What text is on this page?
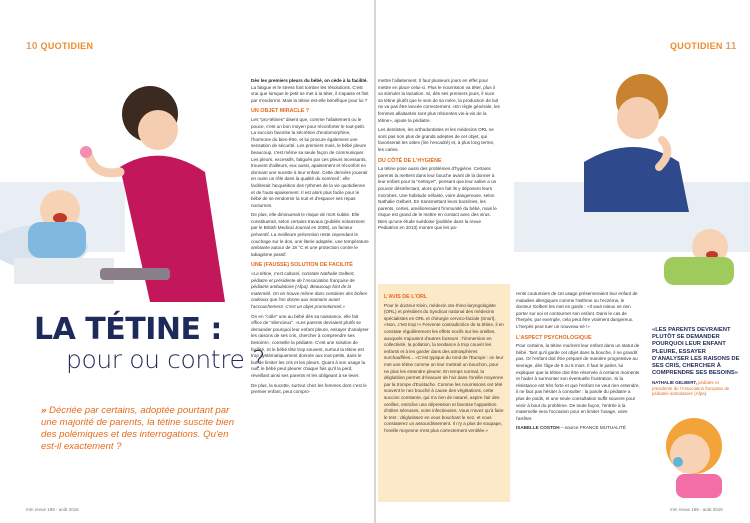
10 QUOTIDIEN	QUOTIDIEN 11
LA TÉTINE :
pour ou contre ?
» Décriée par certains, adoptée pourtant par une majorité de parents, la tétine suscite bien des polémiques et des interrogations. Qu'en est-il exactement ?

Dès les premiers pleurs du bébé, on cède à la facilité. La fatigue et le stress font tomber les résolutions. C'est vrai que lorsque le petit se met à la téter, il s'apaise et finit par s'endormir. Mais la tétine est-elle bénéfique pour lui ?

UN OBJET MIRACLE ?

Les "pro-tétines" disent que, comme l'allaitement ou le pouce, c'est un bon moyen pour réconforter le tout-petit. La succion favorise la sécrétion d'endomorphine, l'hormone du bien-être, et lui procure également une sensation de sécurité. Les premiers mois, le bébé pleure beaucoup, c'est même sa seule façon de communiquer. Les pleurs, excessifs, fatigués par ces pleurs incessants, trouvent d'ailleurs, eux aussi, apaisement et réconfort en donnant une sucette à leur enfant. Cette dernière jouerait en outre un rôle dans la qualité du sommeil : elle faciliterait l'acquisition des rythmes de la vie quotidienne et de l'auto-apaisement. Il est alors plus facile pour le bébé de se rendormir la nuit et d'espacer ses repas nocturnes.

De plus, elle diminuerait le risque de mort subite. Elle constituerait, selon certains travaux (publiés notamment par le British Medical Journal en 2005), un facteur préventif. La meilleure prévention reste cependant le couchage sur le dos, une literie adaptée, une température ambiante autour de 18 °C et une protection contre le tabagisme passif.

UNE (FAUSSE) SOLUTION DE FACILITÉ

«La tétine, c'est culturel, constate Nathalie Gelbert, pédiatre et présidente de l'Association française de pédiatrie ambulatoire (Afpa). Beaucoup font de la maternité. On en trouve même dans certaines des boîtes-cadeaux que l'on donne aux mamans avant l'accouchement. C'est un objet promotionnel.»

On en "colle" une au bébé dès sa naissance, elle fait office de "silencieux". «Les parents devraient plutôt se demander pourquoi leur enfant pleure, essayer d'analyser les raisons de ses cris, chercher à comprendre ses besoins», conseille la pédiatre. C'est une solution de facilité. Si le bébé tête trop souvent, surtout la tétine est trop systématiquement donnée aux tout-petits, dans le but de limiter les cris et les pleurs. Quant à son usage la nuit, le bébé peut pleurer chaque fois qu'il la perd, réveillant ainsi ses parents et les obligeant à se lever.

De plus, la sucette, surtout chez les femmes dont c'est le premier enfant, peut compro-

mettre l'allaitement. Il faut plusieurs jours en effet pour mettre en place celui-ci. Plus le nourrisson va téter, plus il va stimuler la lactation. Si, dès ses premiers jours, il suce sa tétine plutôt que le sein de sa mère, la production de lait ne va pas être lancée correctement. «En règle générale, les femmes allaitantes sont plus réticentes vis-à-vis de la tétine», ajoute la pédiatre.

Les dentistes, les orthodontistes et les médecins ORL ne sont pas non plus de grands adeptes de cet objet, qui favoriserait les otites (lire l'encadré) et, à plus long terme, les caries.

DU CÔTÉ DE L'HYGIÈNE

La tétine pose aussi des problèmes d'hygiène. Certains parents la mettent dans leur bouche avant de la donner à leur enfant pour la "nettoyer", pensant que leur salive a un pouvoir désinfectant, alors qu'en fait ils y déposent leurs microbes. Une habitude néfaste, voire dangereuse, selon Nathalie Gelbert. En transmettant leurs bactéries, les parents, certes, amélioreraient l'immunité du bébé, mais le risque est grand de le mettre en contact avec des virus. Bien qu'une étude suédoise (publiée dans la revue Pediatrics en 2013) montre que les pa-

L'AVIS DE L'ORL

Pour le docteur Klein, médecin oto-rhino-laryngologiste (ORL) et président du Syndicat national des médecins spécialistes en ORL et chirurgie cervico-faciale (Snorl), «Non, c'est trop !» Fervente contradictrice de la tétine, il en constate régulièrement les effets nocifs sur les oreilles, auxquels s'ajoutent d'autres facteurs : l'immersion en collectivité, la pollution, la tendance à trop couvrir les enfants et à les garder dans des atmosphères surchauffées... «C'est typique du rond de l'Europe : on leur met une tétine comme on leur mettrait un bouchon, pour ne plus les entendre pleurer. En temps normal, la déglutition permet d'évacuer de l'air dans l'oreille moyenne par la trompe d'Eustache. Comme les nourrissons ont tété souvent le nez bouché à cause des végétations, cette succion constante, qui n'a rien de naturel, aspire l'air des oreilles, entraîne une dépression et favorise l'apparition d'otites séreuses, voire infectieuses. Vous n'avez qu'à faire le test : déglutissez en vous bouchant le nez, et vous constaterez un assourdissement. Il n'y a plus de soupape, l'oreille moyenne n'est plus correctement ventilée.»

rents coutumiers de cet usage préserveraient leur enfant de maladies allergiques comme l'asthme ou l'eczéma, le docteur Gelbert les met en garde : «Il vaut mieux ne rien porter sur soi et contourner son enfant. Dans le cas de l'herpès, par exemple, cela peut être vraiment dangereux. L'herpès peut tuer un nouveau-né !»

L'ASPECT PSYCHOLOGIQUE

Pour certains, la tétine murirent leur enfant dans un statut de bébé. Tant qu'il garde cet objet dans la bouche, il ne grandit pas. Or l'enfant doit être préparé de manière progressive au sevrage, dès l'âge de 5 ou 6 mois. Il faut le parler, lui expliquer que la tétine doit être réservée à certains moments et l'aider à surmonter son éventuelle frustration. Si la résistance est très forte et que l'enfant ne veut rien entendre, il ne faut pas hésiter à consulter : la parole du pédiatre a plus de poids, et une seule consultation suffit souvent pour venir à bout du problème. De toute façon, l'entrée à la maternelle sera l'occasion pour en limiter l'usage, voire l'arrêter.

ISABELLE COSTOH – source FRANCE MUTUALITÉ

«LES PARENTS DEVRAIENT PLUTÔT SE DEMANDER POURQUOI LEUR ENFANT PLEURE, ESSAYER D'ANALYSER LES RAISONS DE SES CRIS, CHERCHER À COMPRENDRE SES BESOINS»
NATHALIE GELBERT, pédiatre et présidente de l'Association française de pédiatrie ambulatoire (Afpa).
mm revue 189 - août 2015	mm revue 189 - août 2015
